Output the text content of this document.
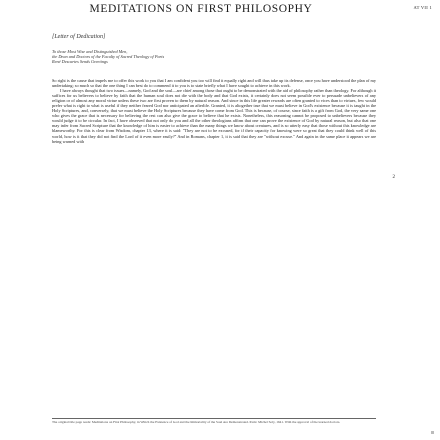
MEDITATIONS ON FIRST PHILOSOPHY	AT VII 1
[Letter of Dedication]
To those Most Wise and Distinguished Men,
the Dean and Doctors of the Faculty of Sacred Theology of Paris
René Descartes Sends Greetings

So right is the cause that impels me to offer this work to you that I am confident you too will find it equally right and will thus take up its defense, once you have understood the plan of my undertaking; so much so that the one thing I can best do to commend it to you is to state briefly what I have sought to achieve in this work.

I have always thought that two issues—namely, God and the soul—are chief among those that ought to be demonstrated with the aid of philosophy rather than theology. For although it suffices for us believers to believe by faith that the human soul does not die with the body and that God exists, it certainly does not seem possible ever to persuade unbelievers of any religion or of almost any moral virtue unless these two are first proven to them by natural reason. And since in this life greater rewards are often granted to vices than to virtues, few would prefer what is right to what is useful if they neither feared God nor anticipated an afterlife. Granted, it is altogether true that we must believe in God's existence because it is taught in the Holy Scriptures, and, conversely, that we must believe the Holy Scriptures because they have come from God. This is because, of course, since faith is a gift from God, the very same one who gives the grace that is necessary for believing the rest can also give the grace to believe that he exists. Nonetheless, this reasoning cannot be proposed to unbelievers because they would judge it to be circular. In fact, I have observed that not only do you and all the other theologians affirm that one can prove the existence of God by natural reason, but also that one may infer from Sacred Scripture that the knowledge of him is easier to achieve than the many things we know about creatures, and is so utterly easy that those without this knowledge are blameworthy. For this is clear from Wisdom, chapter 13, where it is said: "They are not to be excused, for if their capacity for knowing were so great that they could think well of this world, how is it that they did not find the Lord of it even more easily?" And in Romans, chapter 1, it is said that they are "without excuse." And again in the same place it appears we are being warned with

2
The original title page reads: Meditations on First Philosophy, in Which the Existence of God and the Immortality of the Soul Are Demonstrated. Paris: Michel Soly, 1641. With the approval of the learned doctors.
